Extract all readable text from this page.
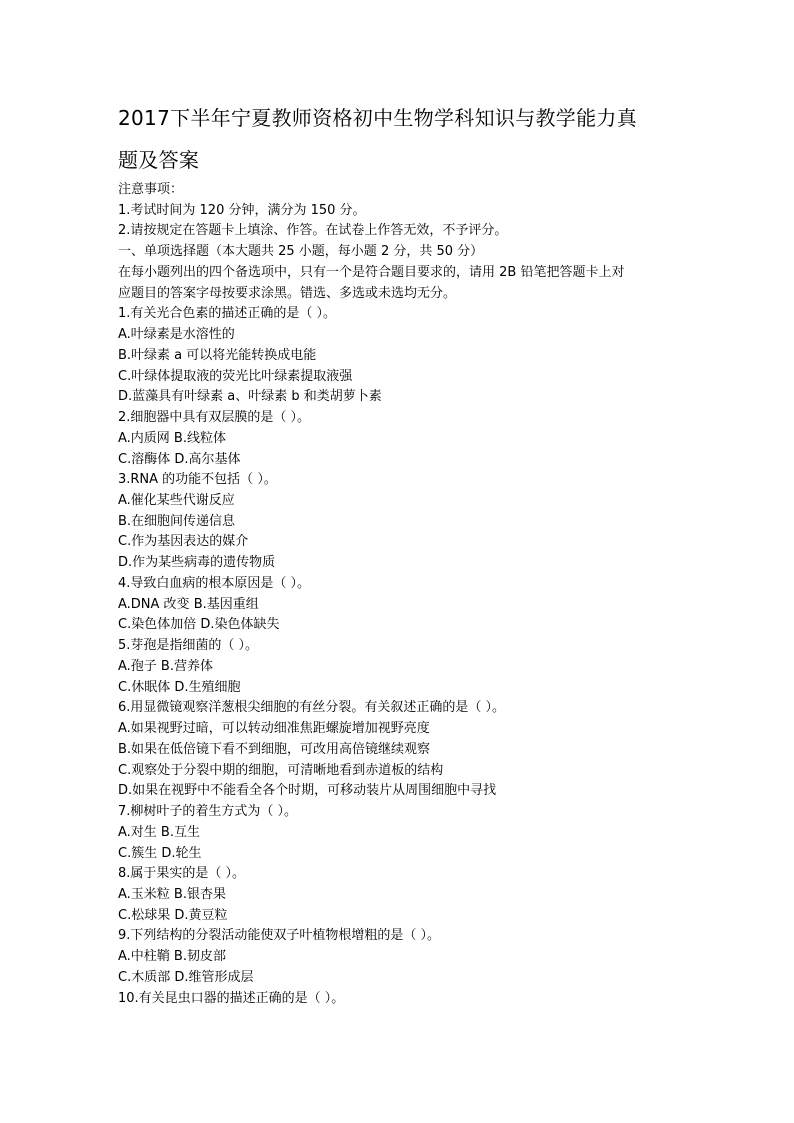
2017下半年宁夏教师资格初中生物学科知识与教学能力真
题及答案
注意事项：
1.考试时间为 120 分钟，满分为 150 分。
2.请按规定在答题卡上填涂、作答。在试卷上作答无效，不予评分。
一、单项选择题（本大题共 25 小题，每小题 2 分，共 50 分）
在每小题列出的四个备选项中，只有一个是符合题目要求的，请用 2B 铅笔把答题卡上对
应题目的答案字母按要求涂黑。错选、多选或未选均无分。
1.有关光合色素的描述正确的是（ ）。
A.叶绿素是水溶性的
B.叶绿素 a 可以将光能转换成电能
C.叶绿体提取液的荧光比叶绿素提取液强
D.蓝藻具有叶绿素 a、叶绿素 b 和类胡萝卜素
2.细胞器中具有双层膜的是（ ）。
A.内质网 B.线粒体
C.溶酶体 D.高尔基体
3.RNA 的功能不包括（ ）。
A.催化某些代谢反应
B.在细胞间传递信息
C.作为基因表达的媒介
D.作为某些病毒的遗传物质
4.导致白血病的根本原因是（ ）。
A.DNA 改变 B.基因重组
C.染色体加倍 D.染色体缺失
5.芽孢是指细菌的（ ）。
A.孢子 B.营养体
C.休眠体 D.生殖细胞
6.用显微镜观察洋葱根尖细胞的有丝分裂。有关叙述正确的是（ ）。
A.如果视野过暗，可以转动细准焦距螺旋增加视野亮度
B.如果在低倍镜下看不到细胞，可改用高倍镜继续观察
C.观察处于分裂中期的细胞，可清晰地看到赤道板的结构
D.如果在视野中不能看全各个时期，可移动装片从周围细胞中寻找
7.柳树叶子的着生方式为（ ）。
A.对生 B.互生
C.簇生 D.轮生
8.属于果实的是（ ）。
A.玉米粒 B.银杏果
C.松球果 D.黄豆粒
9.下列结构的分裂活动能使双子叶植物根增粗的是（ ）。
A.中柱鞘 B.韧皮部
C.木质部 D.维管形成层
10.有关昆虫口器的描述正确的是（ ）。
